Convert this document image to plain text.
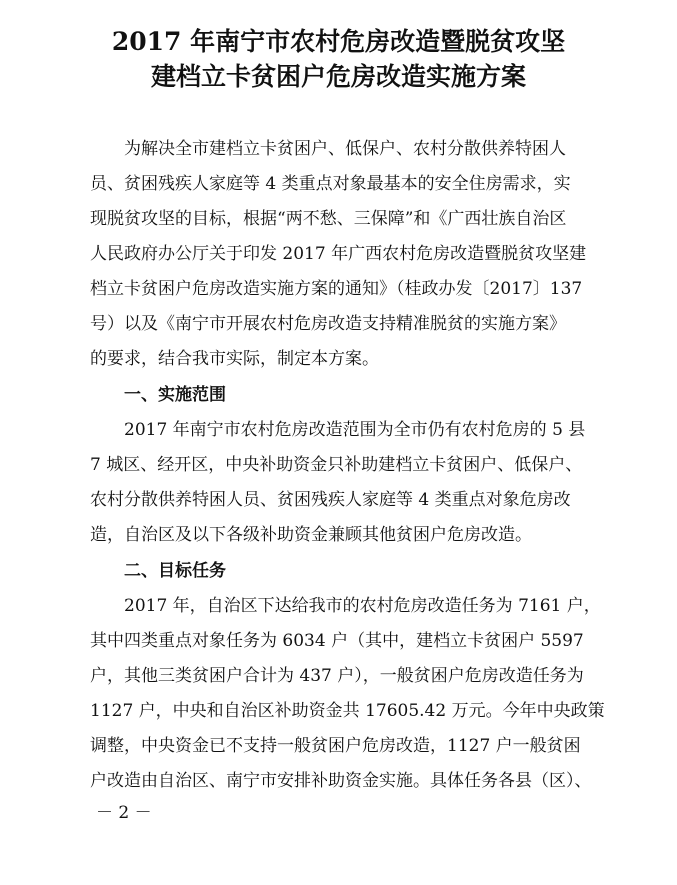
2017 年南宁市农村危房改造暨脱贫攻坚
建档立卡贫困户危房改造实施方案
为解决全市建档立卡贫困户、低保户、农村分散供养特困人
员、贫困残疾人家庭等 4 类重点对象最基本的安全住房需求，实
现脱贫攻坚的目标，根据“两不愁、三保障”和《广西壮族自治区
人民政府办公厅关于印发 2017 年广西农村危房改造暨脱贫攻坚建
档立卡贫困户危房改造实施方案的通知》（桂政办发〔2017〕137
号）以及《南宁市开展农村危房改造支持精准脱贫的实施方案》
的要求，结合我市实际，制定本方案。
一、实施范围
2017 年南宁市农村危房改造范围为全市仍有农村危房的 5 县
7 城区、经开区，中央补助资金只补助建档立卡贫困户、低保户、
农村分散供养特困人员、贫困残疾人家庭等 4 类重点对象危房改
造，自治区及以下各级补助资金兼顾其他贫困户危房改造。
二、目标任务
2017 年，自治区下达给我市的农村危房改造任务为 7161 户，
其中四类重点对象任务为 6034 户（其中，建档立卡贫困户 5597
户，其他三类贫困户合计为 437 户），一般贫困户危房改造任务为
1127 户，中央和自治区补助资金共 17605.42 万元。今年中央政策
调整，中央资金已不支持一般贫困户危房改造，1127 户一般贫困
户改造由自治区、南宁市安排补助资金实施。具体任务各县（区）、
－ 2 －
